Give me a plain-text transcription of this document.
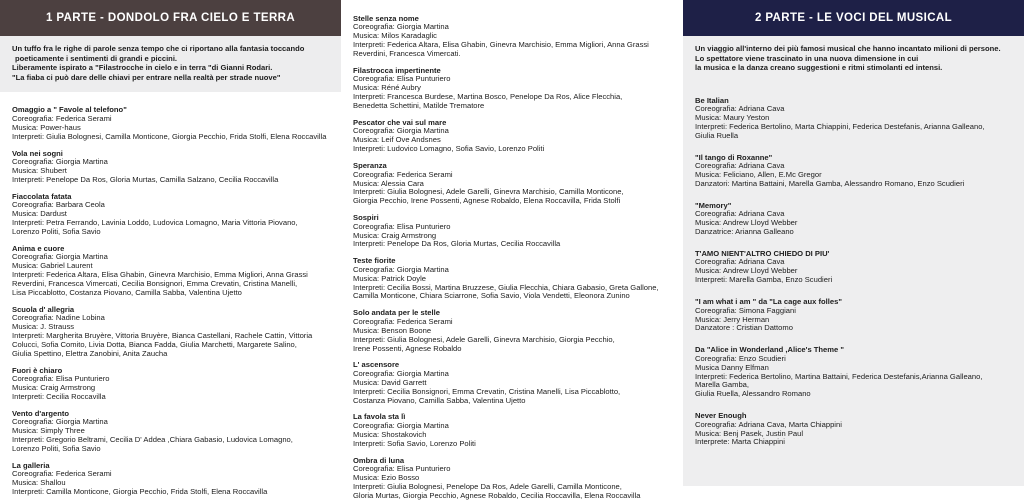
1 PARTE - DONDOLO FRA CIELO E TERRA
Un tuffo fra le righe di parole senza tempo che ci riportano alla fantasia toccando
poeticamente i sentimenti di grandi e piccini.
Liberamente ispirato a "Filastrocche in cielo e in terra "di Gianni Rodari.
"La fiaba ci può dare delle chiavi per entrare nella realtà per strade nuove"
Omaggio a " Favole al telefono"
Coreografia: Federica Serami
Musica: Power-haus
Interpreti: Giulia Bolognesi, Camilla Monticone, Giorgia Pecchio, Frida Stolfi, Elena Roccavilla
Vola nei sogni
Coreografia: Giorgia Martina
Musica: Shubert
Interpreti: Penelope Da Ros, Gloria Murtas, Camilla Salzano, Cecilia Roccavilla
Fiaccolata fatata
Coreografia: Barbara Ceola
Musica: Dardust
Interpreti: Petra Ferrando, Lavinia Loddo, Ludovica Lomagno, Maria Vittoria Piovano,
Lorenzo Politi, Sofia Savio
Anima e cuore
Coreografia: Giorgia Martina
Musica: Gabriel Laurent
Interpreti: Federica Altara, Elisa Ghabin, Ginevra Marchisio, Emma Migliori, Anna Grassi
Reverdini, Francesca Vimercati, Cecilia Bonsignori, Emma Crevatin, Cristina Manelli,
Lisa Piccablotto, Costanza Piovano, Camilla Sabba, Valentina Ujetto
Scuola d' allegria
Coreografia: Nadine Lobina
Musica: J. Strauss
Interpreti: Margherita Bruyère, Vittoria Bruyère, Bianca Castellani, Rachele Cattin, Vittoria
Colucci, Sofia Comito, Livia Dotta, Bianca Fadda, Giulia Marchetti, Margarete Salino,
Giulia Spettino, Elettra Zanobini, Anita Zaucha
Fuori è chiaro
Coreografia: Elisa Punturiero
Musica: Craig Armstrong
Interpreti: Cecilia Roccavilla
Vento d'argento
Coreografia: Giorgia Martina
Musica: Simply Three
Interpreti: Gregorio Beltrami, Cecilia D' Addea ,Chiara Gabasio, Ludovica Lomagno,
Lorenzo Politi, Sofia Savio
La galleria
Coreografia: Federica Serami
Musica: Shallou
Interpreti: Camilla Monticone, Giorgia Pecchio, Frida Stolfi, Elena Roccavilla
Stelle senza nome
Coreografia: Giorgia Martina
Musica: Milos Karadaglic
Interpreti: Federica Altara, Elisa Ghabin, Ginevra Marchisio, Emma Migliori, Anna Grassi
Reverdini, Francesca Vimercati.
Filastrocca impertinente
Coreografia: Elisa Punturiero
Musica: Réné Aubry
Interpreti: Francesca Burdese, Martina Bosco, Penelope Da Ros, Alice Flecchia,
Benedetta Schettini, Matilde Trematore
Pescator che vai sul mare
Coreografia: Giorgia Martina
Musica: Leif Ove Andsnes
Interpreti: Ludovico Lomagno, Sofia Savio, Lorenzo Politi
Speranza
Coreografia: Federica Serami
Musica: Alessia Cara
Interpreti: Giulia Bolognesi, Adele Garelli, Ginevra Marchisio, Camilla Monticone,
Giorgia Pecchio, Irene Possenti, Agnese Robaldo, Elena Roccavilla, Frida Stolfi
Sospiri
Coreografia: Elisa Punturiero
Musica: Craig Armstrong
Interpreti: Penelope Da Ros, Gloria Murtas, Cecilia Roccavilla
Teste fiorite
Coreografia: Giorgia Martina
Musica: Patrick Doyle
Interpreti: Cecilia Bossi, Martina Bruzzese, Giulia Flecchia, Chiara Gabasio, Greta Gallone,
Camilla Monticone, Chiara Sciarrone, Sofia Savio, Viola Vendetti, Eleonora Zunino
Solo andata per le stelle
Coreografia: Federica Serami
Musica: Benson Boone
Interpreti: Giulia Bolognesi, Adele Garelli, Ginevra Marchisio, Giorgia Pecchio,
Irene Possenti, Agnese Robaldo
L' ascensore
Coreografia: Giorgia Martina
Musica: David Garrett
Interpreti: Cecilia Bonsignori, Emma Crevatin, Cristina Manelli, Lisa Piccablotto,
Costanza Piovano, Camilla Sabba, Valentina Ujetto
La favola sta lì
Coreografia: Giorgia Martina
Musica: Shostakovich
Interpreti: Sofia Savio, Lorenzo Politi
Ombra di luna
Coreografia: Elisa Punturiero
Musica: Ezio Bosso
Interpreti: Giulia Bolognesi, Penelope Da Ros, Adele Garelli, Camilla Monticone,
Gloria Murtas, Giorgia Pecchio, Agnese Robaldo, Cecilia Roccavilla, Elena Roccavilla
2 PARTE - LE VOCI DEL MUSICAL
Un viaggio all'interno dei più famosi musical che hanno incantato milioni di persone.
Lo spettatore viene trascinato in una nuova dimensione in cui
la musica e la danza creano suggestioni e ritmi stimolanti ed intensi.
Be Italian
Coreografia: Adriana Cava
Musica: Maury Yeston
Interpreti: Federica Bertolino, Marta Chiappini, Federica Destefanis, Arianna Galleano,
Giulia Ruella
"Il tango di Roxanne"
Coreografia: Adriana Cava
Musica: Feliciano, Allen, E.Mc Gregor
Danzatori: Martina Battaini, Marella Gamba, Alessandro Romano, Enzo Scudieri
"Memory"
Coreografia: Adriana Cava
Musica: Andrew Lloyd Webber
Danzatrice: Arianna Galleano
T'AMO NIENT'ALTRO CHIEDO DI PIU'
Coreografia: Adriana Cava
Musica: Andrew Lloyd Webber
Interpreti: Marella Gamba, Enzo Scudieri
"I am what i am " da "La cage aux folles"
Coreografia: Simona Faggiani
Musica: Jerry Herman
Danzatore : Cristian Dattomo
Da "Alice in Wonderland ,Alice's Theme "
Coreografia: Enzo Scudieri
Musica Danny Elfman
Interpreti: Federica Bertolino, Martina Battaini, Federica Destefanis,Arianna Galleano,
Marella Gamba,
Giulia Ruella, Alessandro Romano
Never Enough
Coreografia: Adriana Cava, Marta Chiappini
Musica: Benj Pasek, Justin Paul
Interprete: Marta Chiappini
